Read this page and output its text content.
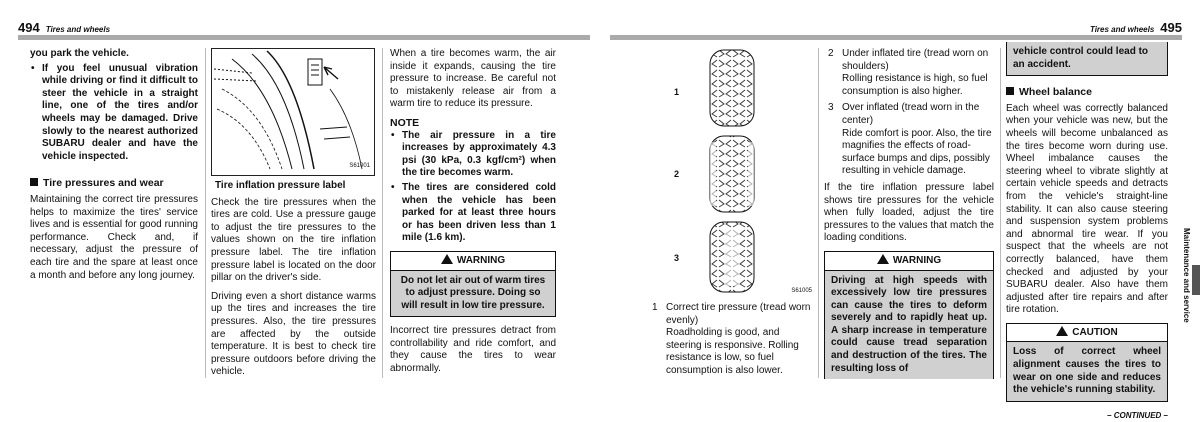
494 Tires and wheels
you park the vehicle.
• If you feel unusual vibration while driving or find it difficult to steer the vehicle in a straight line, one of the tires and/or wheels may be damaged. Drive slowly to the nearest authorized SUBARU dealer and have the vehicle inspected.
Tire pressures and wear

Maintaining the correct tire pressures helps to maximize the tires' service lives and is essential for good running performance. Check and, if necessary, adjust the pressure of each tire and the spare at least once a month and before any long journey.

S61001
Tire inflation pressure label

Check the tire pressures when the tires are cold. Use a pressure gauge to adjust the tire pressures to the values shown on the tire inflation pressure label. The tire inflation pressure label is located on the door pillar on the driver's side.

Driving even a short distance warms up the tires and increases the tire pressures. Also, the tire pressures are affected by the outside temperature. It is best to check tire pressure outdoors before driving the vehicle.

When a tire becomes warm, the air inside it expands, causing the tire pressure to increase. Be careful not to mistakenly release air from a warm tire to reduce its pressure.

NOTE
• The air pressure in a tire increases by approximately 4.3 psi (30 kPa, 0.3 kgf/cm²) when the tire becomes warm.
• The tires are considered cold when the vehicle has been parked for at least three hours or has been driven less than 1 mile (1.6 km).
WARNING
Do not let air out of warm tires to adjust pressure. Doing so will result in low tire pressure.

Incorrect tire pressures detract from controllability and ride comfort, and they cause the tires to wear abnormally.

Tires and wheels 495
1
2
3
S61005
1 Correct tire pressure (tread worn evenly)
Roadholding is good, and steering is responsive. Rolling resistance is low, so fuel consumption is also lower.
2 Under inflated tire (tread worn on shoulders)
Rolling resistance is high, so fuel consumption is also higher.
3 Over inflated (tread worn in the center)
Ride comfort is poor. Also, the tire magnifies the effects of road-surface bumps and dips, possibly resulting in vehicle damage.

If the tire inflation pressure label shows tire pressures for the vehicle when fully loaded, adjust the tire pressures to the values that match the loading conditions.

WARNING
Driving at high speeds with excessively low tire pressures can cause the tires to deform severely and to rapidly heat up. A sharp increase in temperature could cause tread separation and destruction of the tires. The resulting loss of
vehicle control could lead to an accident.
Wheel balance

Each wheel was correctly balanced when your vehicle was new, but the wheels will become unbalanced as the tires become worn during use. Wheel imbalance causes the steering wheel to vibrate slightly at certain vehicle speeds and detracts from the vehicle's straight-line stability. It can also cause steering and suspension system problems and abnormal tire wear. If you suspect that the wheels are not correctly balanced, have them checked and adjusted by your SUBARU dealer. Also have them adjusted after tire repairs and after tire rotation.

CAUTION
Loss of correct wheel alignment causes the tires to wear on one side and reduces the vehicle's running stability.
– CONTINUED –
Maintenance and service
